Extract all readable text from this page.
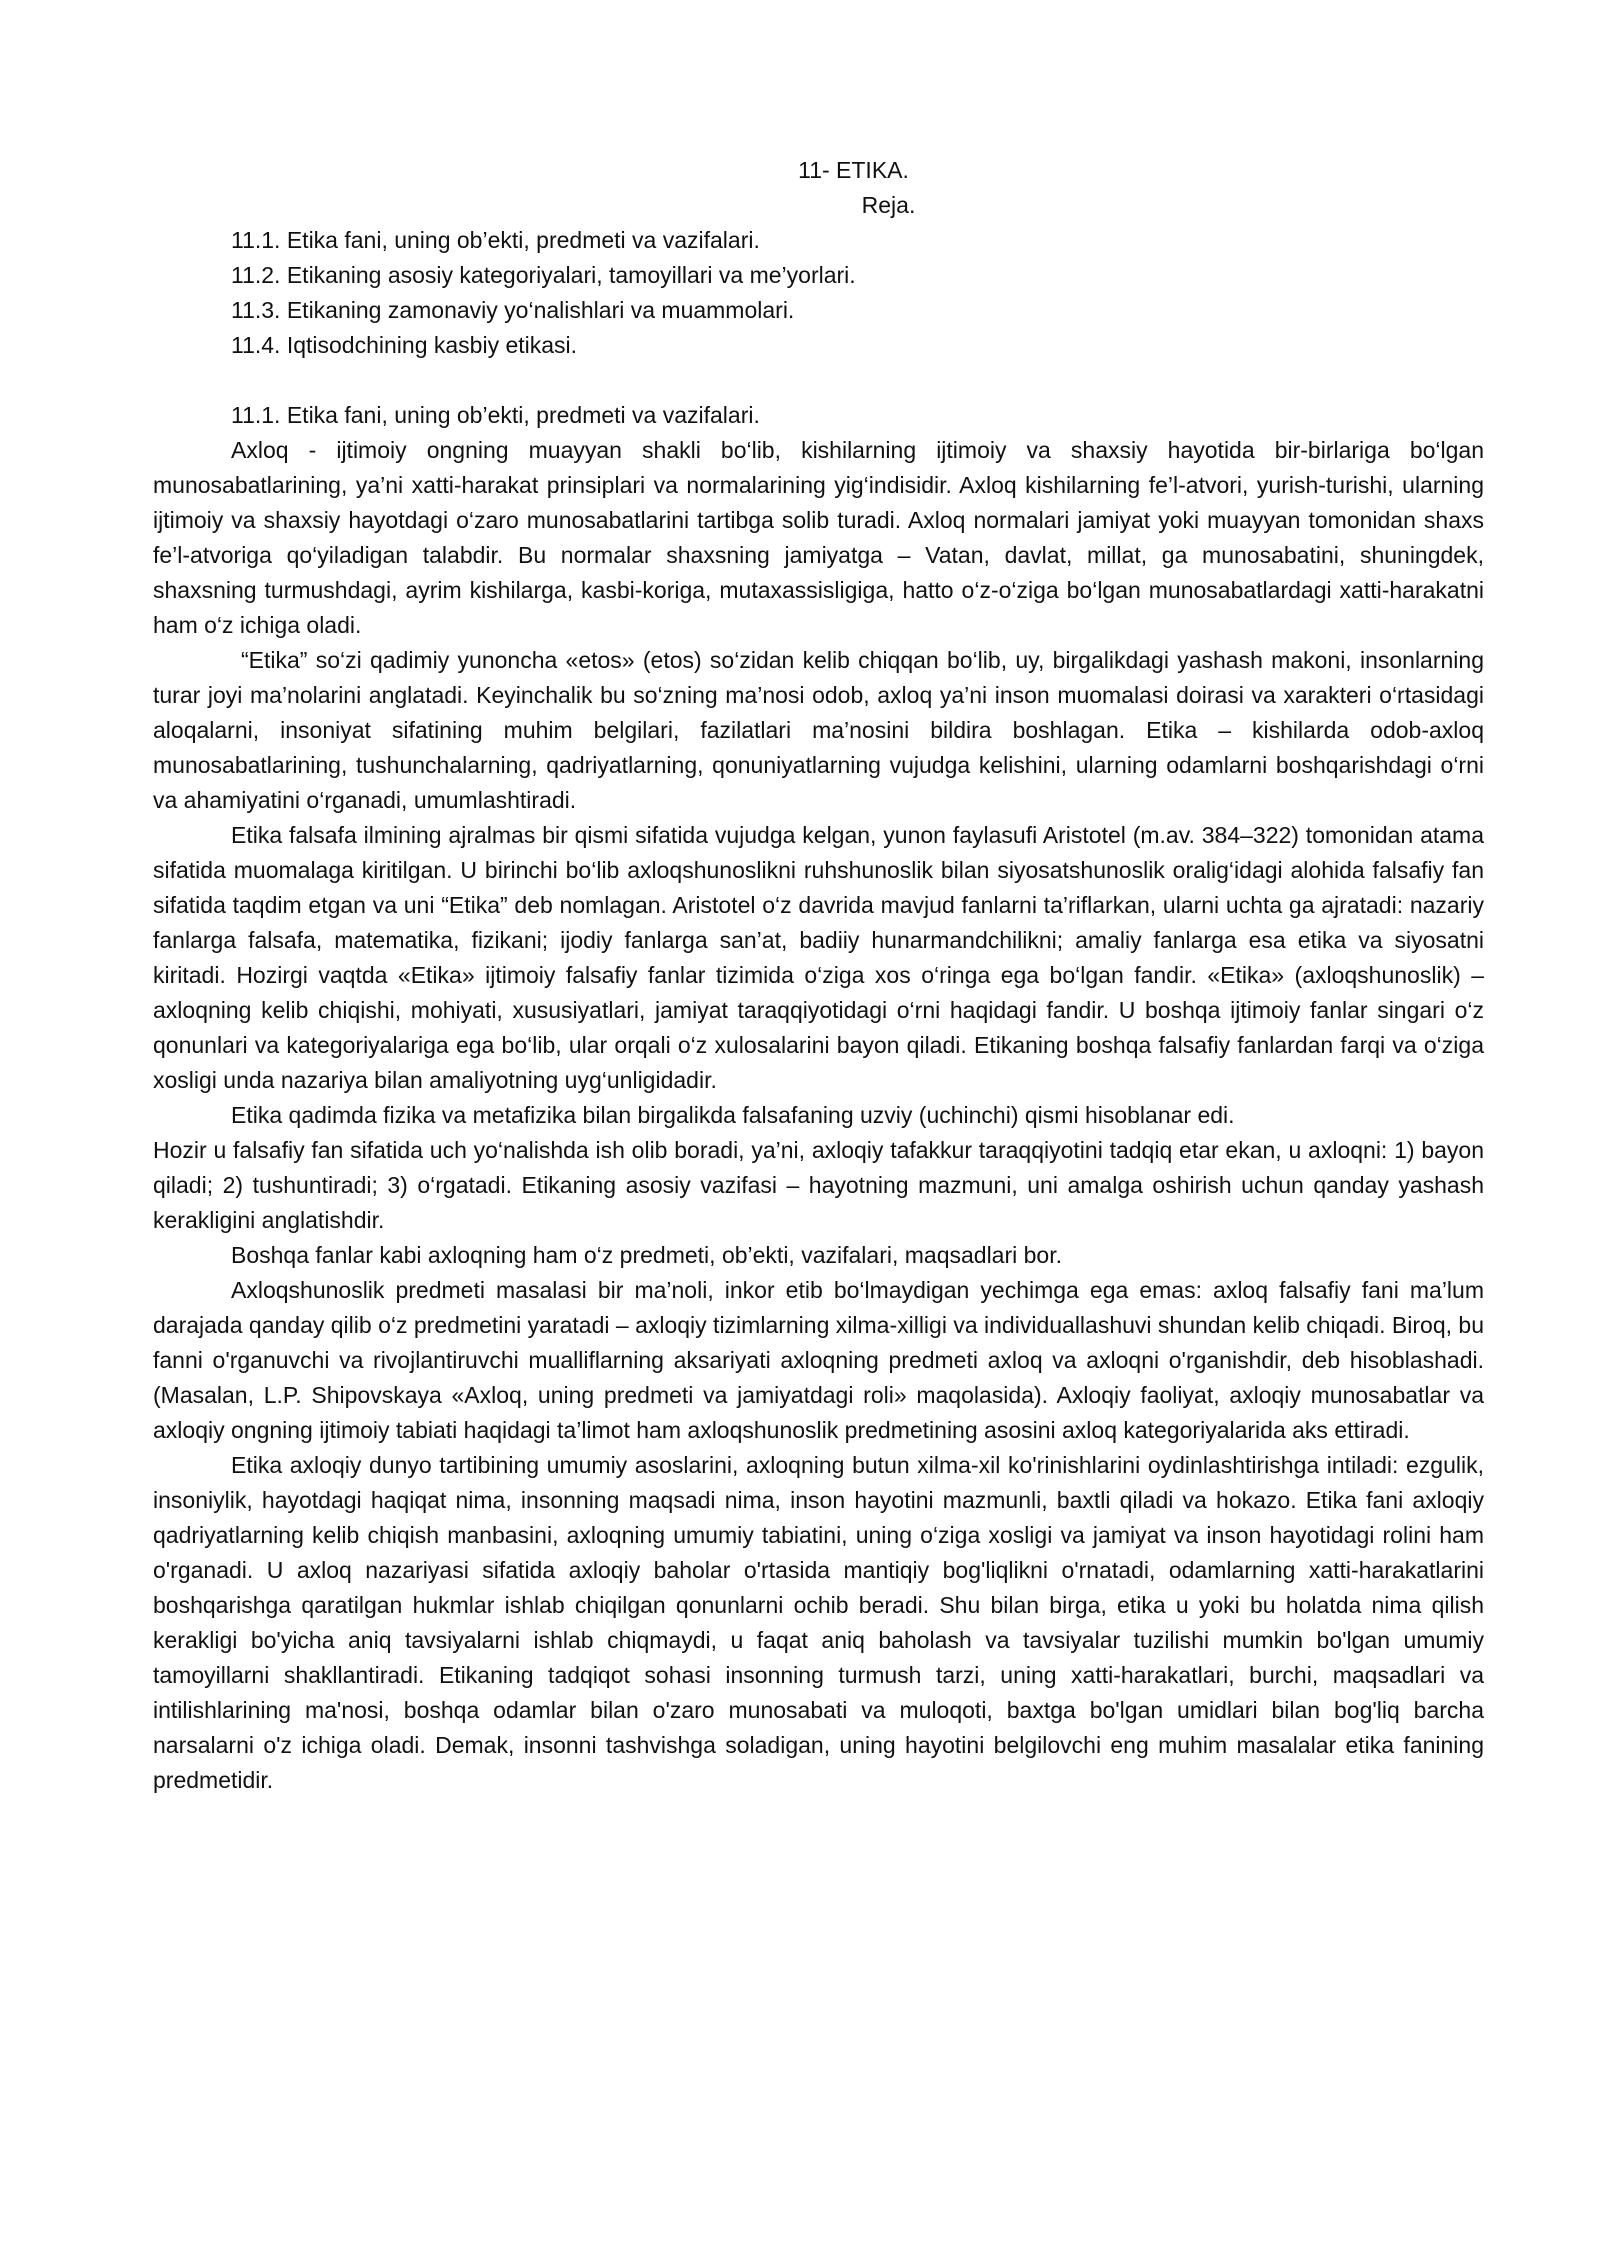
11- ETIKA.

Reja.

11.1. Etika fani, uning ob’ekti, predmeti va vazifalari.
11.2. Etikaning asosiy kategoriyalari, tamoyillari va me’yorlari.
11.3. Etikaning zamonaviy yo‘nalishlari va muammolari.
11.4. Iqtisodchining kasbiy etikasi.

11.1. Etika fani, uning ob’ekti, predmeti va vazifalari.

Axloq - ijtimoiy ongning muayyan shakli bo‘lib, kishilarning ijtimoiy va shaxsiy hayotida bir-birlariga bo‘lgan munosabatlarining, ya’ni xatti-harakat prinsiplari va normalarining yig‘indisidir. Axloq kishilarning fe’l-atvori, yurish-turishi, ularning ijtimoiy va shaxsiy hayotdagi o‘zaro munosabatlarini tartibga solib turadi. Axloq normalari jamiyat yoki muayyan tomonidan shaxs fe’l-atvoriga qo‘yiladigan talabdir. Bu normalar shaxsning jamiyatga – Vatan, davlat, millat, ga munosabatini, shuningdek, shaxsning turmushdagi, ayrim kishilarga, kasbi-koriga, mutaxassisligiga, hatto o‘z-o‘ziga bo‘lgan munosabatlardagi xatti-harakatni ham o‘z ichiga oladi.

“Etika” so‘zi qadimiy yunoncha «etos» (etos) so‘zidan kelib chiqqan bo‘lib, uy, birgalikdagi yashash makoni, insonlarning turar joyi ma’nolarini anglatadi. Keyinchalik bu so‘zning ma’nosi odob, axloq ya’ni inson muomalasi doirasi va xarakteri o‘rtasidagi aloqalarni, insoniyat sifatining muhim belgilari, fazilatlari ma’nosini bildira boshlagan. Etika – kishilarda odob-axloq munosabatlarining, tushunchalarning, qadriyatlarning, qonuniyatlarning vujudga kelishini, ularning odamlarni boshqarishdagi o‘rni va ahamiyatini o‘rganadi, umumlashtiradi.

Etika falsafa ilmining ajralmas bir qismi sifatida vujudga kelgan, yunon faylasufi Aristotel (m.av. 384–322) tomonidan atama sifatida muomalaga kiritilgan. U birinchi bo‘lib axloqshunoslikni ruhshunoslik bilan siyosatshunoslik oralig‘idagi alohida falsafiy fan sifatida taqdim etgan va uni “Etika” deb nomlagan. Aristotel o‘z davrida mavjud fanlarni ta’riflarkan, ularni uchta ga ajratadi: nazariy fanlarga falsafa, matematika, fizikani; ijodiy fanlarga san’at, badiiy hunarmandchilikni; amaliy fanlarga esa etika va siyosatni kiritadi. Hozirgi vaqtda «Etika» ijtimoiy falsafiy fanlar tizimida o‘ziga xos o‘ringa ega bo‘lgan fandir. «Etika» (axloqshunoslik) – axloqning kelib chiqishi, mohiyati, xususiyatlari, jamiyat taraqqiyotidagi o‘rni haqidagi fandir. U boshqa ijtimoiy fanlar singari o‘z qonunlari va kategoriyalariga ega bo‘lib, ular orqali o‘z xulosalarini bayon qiladi. Etikaning boshqa falsafiy fanlardan farqi va o‘ziga xosligi unda nazariya bilan amaliyotning uyg‘unligidadir.

Etika qadimda fizika va metafizika bilan birgalikda falsafaning uzviy (uchinchi) qismi hisoblanar edi.

Hozir u falsafiy fan sifatida uch yo‘nalishda ish olib boradi, ya’ni, axloqiy tafakkur taraqqiyotini tadqiq etar ekan, u axloqni: 1) bayon qiladi; 2) tushuntiradi; 3) o‘rgatadi. Etikaning asosiy vazifasi – hayotning mazmuni, uni amalga oshirish uchun qanday yashash kerakligini anglatishdir.

Boshqa fanlar kabi axloqning ham o‘z predmeti, ob’ekti, vazifalari, maqsadlari bor.

Axloqshunoslik predmeti masalasi bir ma’noli, inkor etib bo‘lmaydigan yechimga ega emas: axloq falsafiy fani ma’lum darajada qanday qilib o‘z predmetini yaratadi – axloqiy tizimlarning xilma-xilligi va individuallashuvi shundan kelib chiqadi. Biroq, bu fanni o'rganuvchi va rivojlantiruvchi mualliflarning aksariyati axloqning predmeti axloq va axloqni o'rganishdir, deb hisoblashadi. (Masalan, L.P. Shipovskaya «Axloq, uning predmeti va jamiyatdagi roli» maqolasida). Axloqiy faoliyat, axloqiy munosabatlar va axloqiy ongning ijtimoiy tabiati haqidagi ta’limot ham axloqshunoslik predmetining asosini axloq kategoriyalarida aks ettiradi.

Etika axloqiy dunyo tartibining umumiy asoslarini, axloqning butun xilma-xil ko'rinishlarini oydinlashtirishga intiladi: ezgulik, insoniylik, hayotdagi haqiqat nima, insonning maqsadi nima, inson hayotini mazmunli, baxtli qiladi va hokazo. Etika fani axloqiy qadriyatlarning kelib chiqish manbasini, axloqning umumiy tabiatini, uning o‘ziga xosligi va jamiyat va inson hayotidagi rolini ham o'rganadi. U axloq nazariyasi sifatida axloqiy baholar o'rtasida mantiqiy bog'liqlikni o'rnatadi, odamlarning xatti-harakatlarini boshqarishga qaratilgan hukmlar ishlab chiqilgan qonunlarni ochib beradi. Shu bilan birga, etika u yoki bu holatda nima qilish kerakligi bo'yicha aniq tavsiyalarni ishlab chiqmaydi, u faqat aniq baholash va tavsiyalar tuzilishi mumkin bo'lgan umumiy tamoyillarni shakllantiradi. Etikaning tadqiqot sohasi insonning turmush tarzi, uning xatti-harakatlari, burchi, maqsadlari va intilishlarining ma'nosi, boshqa odamlar bilan o'zaro munosabati va muloqoti, baxtga bo'lgan umidlari bilan bog'liq barcha narsalarni o'z ichiga oladi. Demak, insonni tashvishga soladigan, uning hayotini belgilovchi eng muhim masalalar etika fanining predmetidir.
